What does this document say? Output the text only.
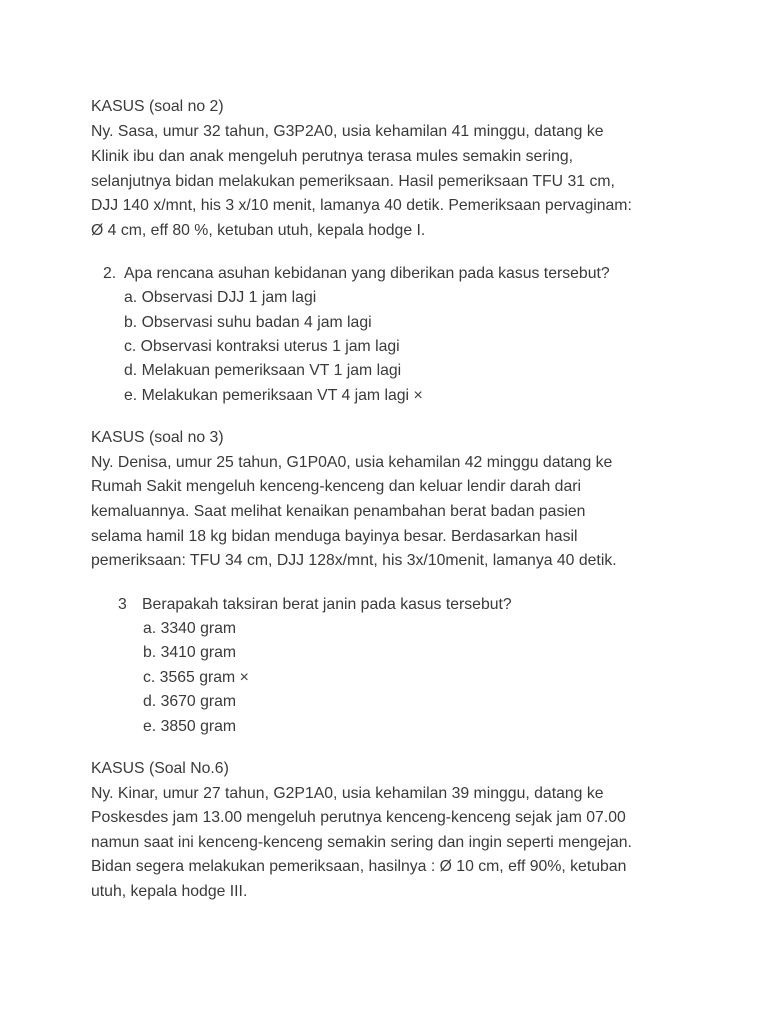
KASUS (soal no 2)
Ny. Sasa, umur 32 tahun, G3P2A0, usia kehamilan 41 minggu, datang ke
Klinik ibu dan anak mengeluh perutnya terasa mules semakin sering,
selanjutnya bidan melakukan pemeriksaan. Hasil pemeriksaan TFU 31 cm,
DJJ 140 x/mnt, his 3 x/10 menit, lamanya 40 detik. Pemeriksaan pervaginam:
Ø 4 cm, eff 80 %, ketuban utuh, kepala hodge I.
2. Apa rencana asuhan kebidanan yang diberikan pada kasus tersebut?
a. Observasi DJJ 1 jam lagi
b. Observasi suhu badan 4 jam lagi
c. Observasi kontraksi uterus 1 jam lagi
d. Melakuan pemeriksaan VT 1 jam lagi
e. Melakukan pemeriksaan VT 4 jam lagi ×
KASUS (soal no 3)
Ny. Denisa, umur 25 tahun, G1P0A0, usia kehamilan 42 minggu datang ke
Rumah Sakit mengeluh kenceng-kenceng dan keluar lendir darah dari
kemaluannya. Saat melihat kenaikan penambahan berat badan pasien
selama hamil 18 kg bidan menduga bayinya besar. Berdasarkan hasil
pemeriksaan: TFU 34 cm, DJJ 128x/mnt, his 3x/10menit, lamanya 40 detik.
3 Berapakah taksiran berat janin pada kasus tersebut?
a. 3340 gram
b. 3410 gram
c. 3565 gram ×
d. 3670 gram
e. 3850 gram
KASUS (Soal No.6)
Ny. Kinar, umur 27 tahun, G2P1A0, usia kehamilan 39 minggu, datang ke
Poskesdes jam 13.00 mengeluh perutnya kenceng-kenceng sejak jam 07.00
namun saat ini kenceng-kenceng semakin sering dan ingin seperti mengejan.
Bidan segera melakukan pemeriksaan, hasilnya : Ø 10 cm, eff 90%, ketuban
utuh, kepala hodge III.
